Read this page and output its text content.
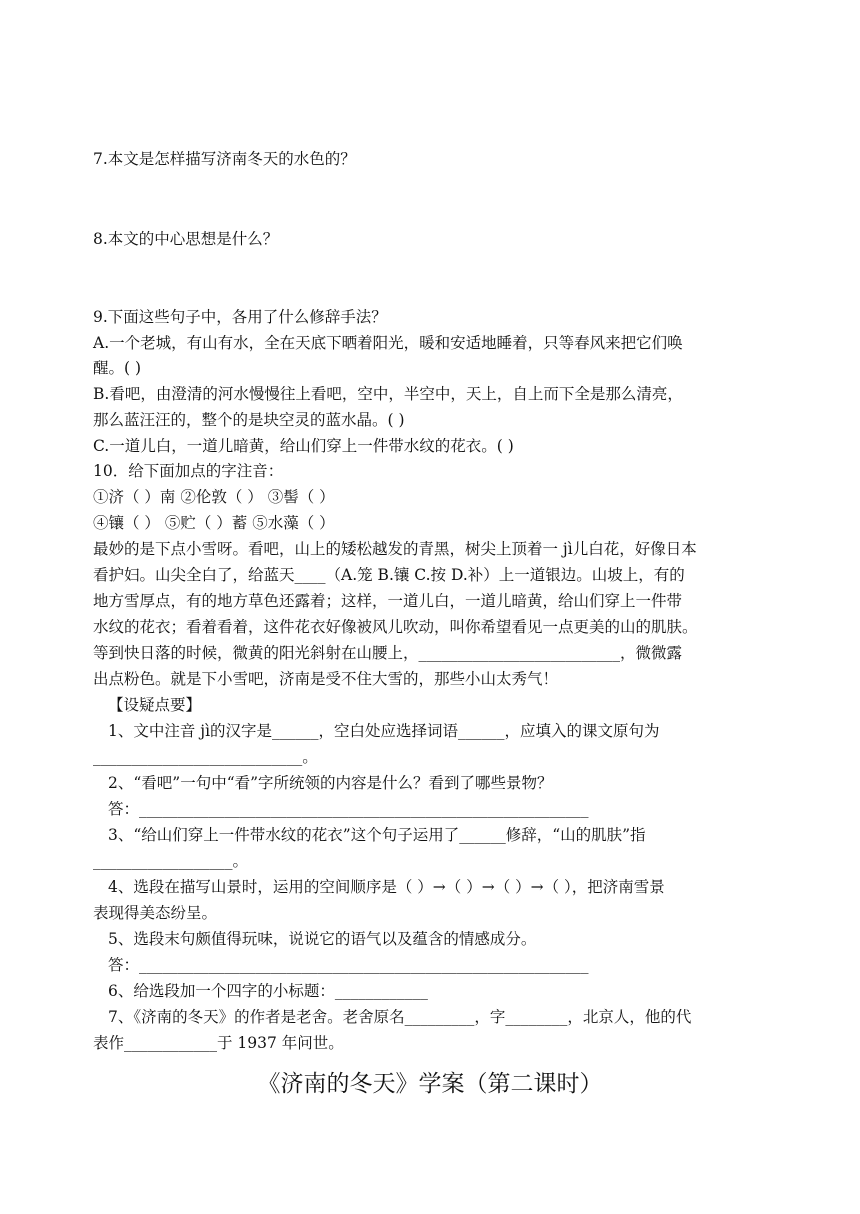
7.本文是怎样描写济南冬天的水色的？
8.本文的中心思想是什么？
9.下面这些句子中，各用了什么修辞手法？
A.一个老城，有山有水，全在天底下晒着阳光，暖和安适地睡着，只等春风来把它们唤
醒。( )
B.看吧，由澄清的河水慢慢往上看吧，空中，半空中，天上，自上而下全是那么清亮，
那么蓝汪汪的，整个的是块空灵的蓝水晶。( )
C.一道儿白，一道儿暗黄，给山们穿上一件带水纹的花衣。( )
10．给下面加点的字注音：
①济（ ）南 ②伦敦（ ） ③髻（ ）
④镶（ ） ⑤贮（ ）蓄 ⑤水藻（ ）
最妙的是下点小雪呀。看吧，山上的矮松越发的青黑，树尖上顶着一 jì儿白花，好像日本
看护妇。山尖全白了，给蓝天____（A.笼 B.镶 C.按 D.补）上一道银边。山坡上，有的
地方雪厚点，有的地方草色还露着；这样，一道儿白，一道儿暗黄，给山们穿上一件带
水纹的花衣；看着看着，这件花衣好像被风儿吹动，叫你希望看见一点更美的山的肌肤。
等到快日落的时候，微黄的阳光斜射在山腰上，__________________________，微微露
出点粉色。就是下小雪吧，济南是受不住大雪的，那些小山太秀气！
【设疑点要】
1、文中注音 jì的汉字是______，空白处应选择词语______，应填入的课文原句为
___________________________。
2、“看吧”一句中“看”字所统领的内容是什么？看到了哪些景物？
答：__________________________________________________________
3、“给山们穿上一件带水纹的花衣”这个句子运用了______修辞，“山的肌肤”指
__________________。
4、选段在描写山景时，运用的空间顺序是（ ）→（ ）→（ ）→（ ），把济南雪景
表现得美态纷呈。
5、选段末句颇值得玩味，说说它的语气以及蕴含的情感成分。
答：__________________________________________________________
6、给选段加一个四字的小标题：____________
7、《济南的冬天》的作者是老舍。老舍原名_________，字________，北京人，他的代
表作____________于 1937 年问世。
《济南的冬天》学案（第二课时）
